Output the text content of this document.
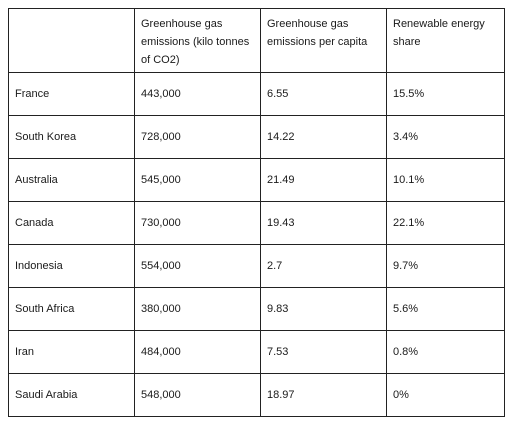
	Greenhouse gas emissions (kilo tonnes of CO2)	Greenhouse gas emissions per capita	Renewable energy share
France	443,000	6.55	15.5%
South Korea	728,000	14.22	3.4%
Australia	545,000	21.49	10.1%
Canada	730,000	19.43	22.1%
Indonesia	554,000	2.7	9.7%
South Africa	380,000	9.83	5.6%
Iran	484,000	7.53	0.8%
Saudi Arabia	548,000	18.97	0%
